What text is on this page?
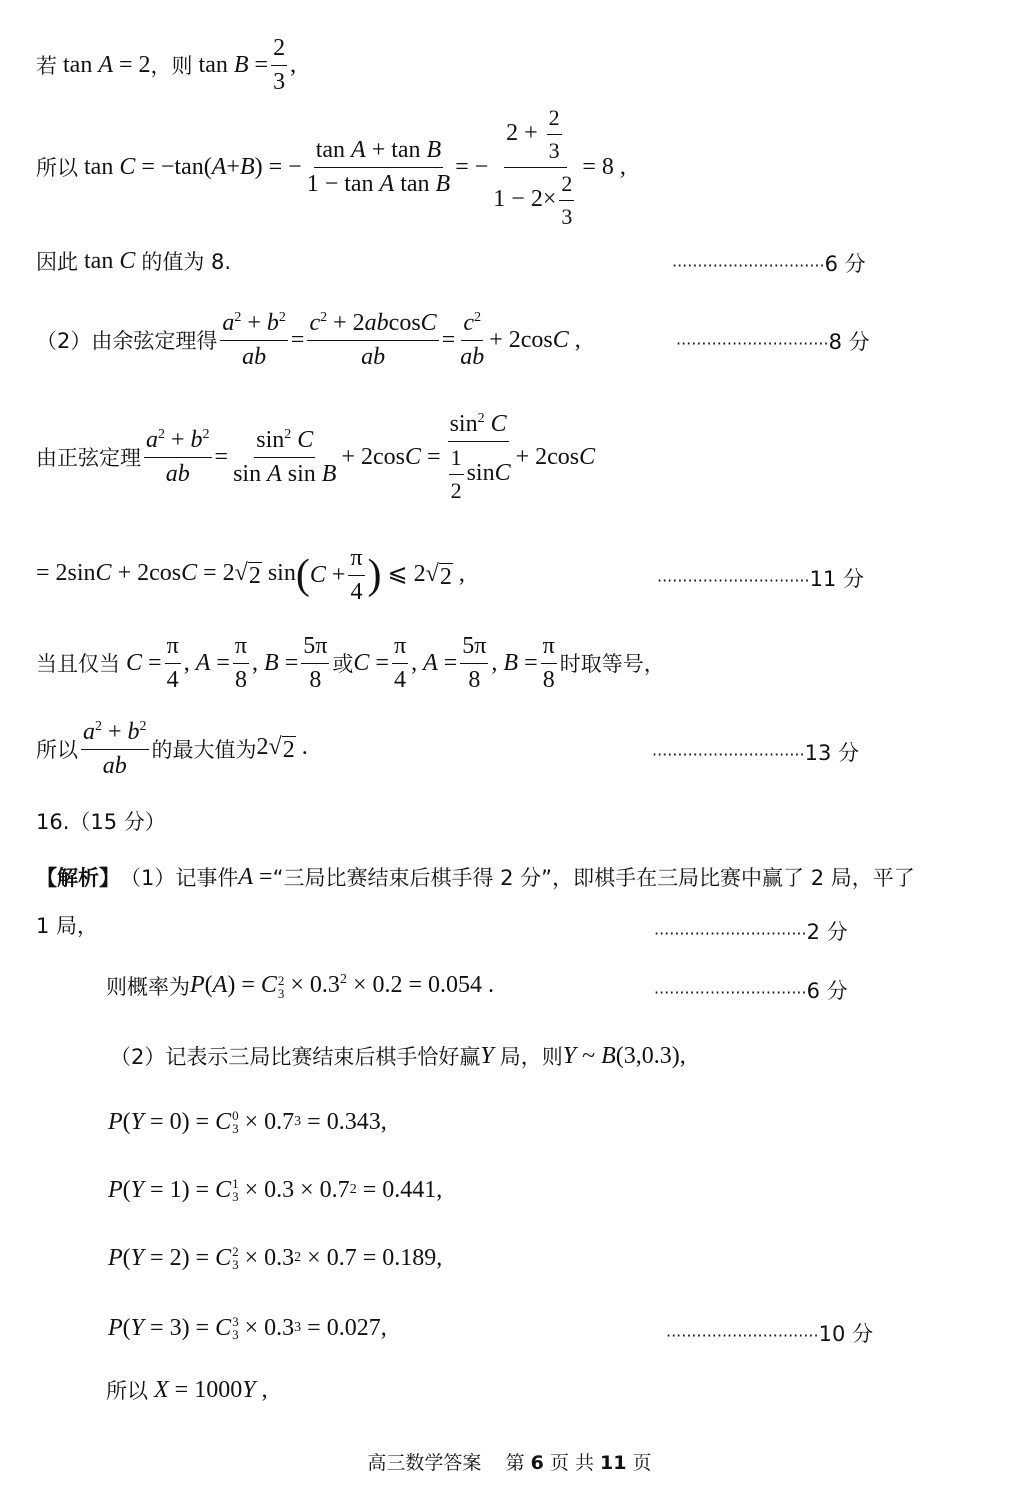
若 tan A = 2 ，则 $\tan B = \frac{2}{3}$ ,
所以 tan C = −tan(A+B) = − $\frac{\text{tan A + tan B}}{\text{1 − tan A tan B}}$ = − $\frac{2 + \frac{2}{3}}{1 - 2\times \frac{2}{3}} = 8$ ,
因此 tan C 的值为 8.	······························6 分
（2）由余弦定理得 $\frac{a^2 + b^2}{ab} = \frac{c^2 + 2abcosC}{ab} = \frac{c^2}{ab} + 2\cos C$ ,	······························8 分
由正弦定理 $\frac{a^2 + b^2}{ab} = \frac{\sin^2 C}{\text{sin A sin B}} + 2\cos C = \frac{\sin^2 C}{\frac{1}{2} \sin C} + 2\cos C$
= 2sinC + 2cosC = 2√ 2 sin ( $C + \frac{\pi}{4}$ ) ⩽ 2√ 2 ,	······························11 分
当且仅当 $C = \frac{\pi}{4}$ , $A = \frac{\pi}{8}$ , $B = \frac{5\pi}{8}$ 或 $C = \frac{\pi}{4}$ , $A = \frac{5\pi}{8}$ , $B = \frac{\pi}{8}$ 时取等号，
所以 $\frac{a^2 + b^2}{ab}$ 的最大值为 2√ 2 .	······························13 分
16.（15 分）
【解析】 （1）记事件 A = “三局比赛结束后棋手得 2 分”，即棋手在三局比赛中赢了 2 局，平了
1 局，	······························2 分
则概率为 P(A) = C 2
$3 \times 0.3^2 \times 0.2 = 0.054$ .	······························6 分
（2）记表示三局比赛结束后棋手恰好赢 Y 局，则 Y ~ B(3,0.3),
P ( Y = 0) = C 0
3 × 0.7 3 = 0.343,
P ( Y = 1) = C 1
3 × 0.3 × 0.7 2 = 0.441,
P ( Y = 2) = C 2
3 × 0.3 2 × 0.7 = 0.189,
P ( Y = 3) = C 3
3 × 0.3 3 = 0.027,	······························10 分
所以 X = 1000Y ,
高三数学答案 第 6 页 共 11 页
